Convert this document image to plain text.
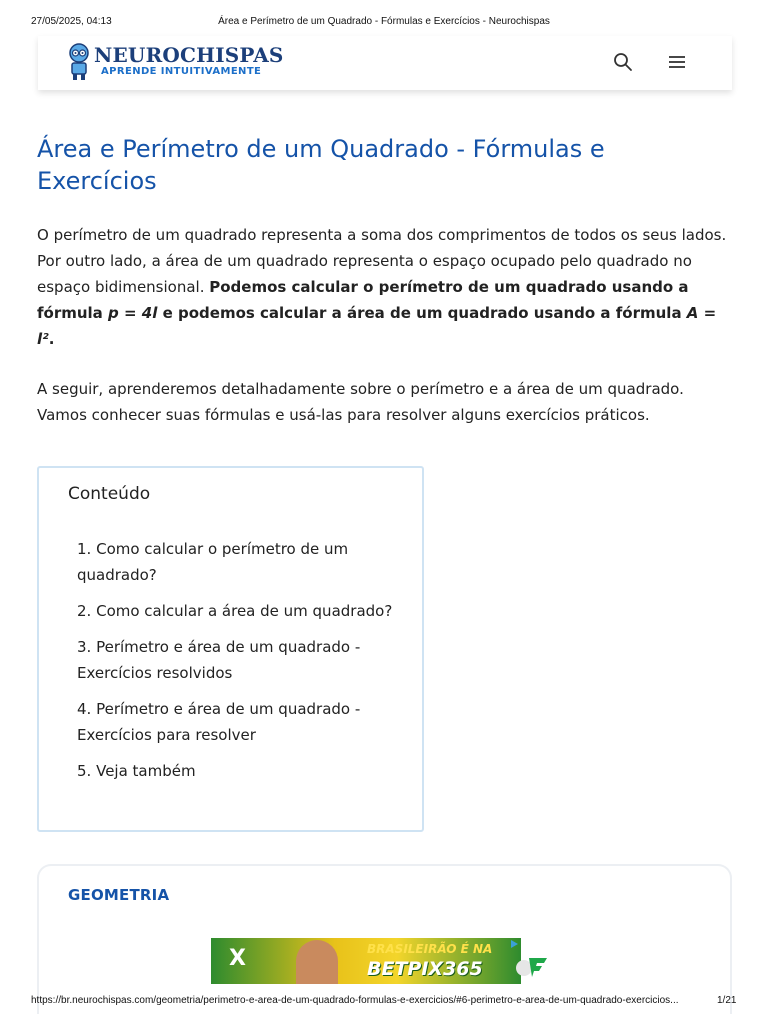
27/05/2025, 04:13	Área e Perímetro de um Quadrado - Fórmulas e Exercícios - Neurochispas
NEUROCHISPAS
APRENDE INTUITIVAMENTE
Área e Perímetro de um Quadrado - Fórmulas e Exercícios

O perímetro de um quadrado representa a soma dos comprimentos de todos os seus lados. Por outro lado, a área de um quadrado representa o espaço ocupado pelo quadrado no espaço bidimensional. Podemos calcular o perímetro de um quadrado usando a fórmula p = 4l e podemos calcular a área de um quadrado usando a fórmula A = l².

A seguir, aprenderemos detalhadamente sobre o perímetro e a área de um quadrado. Vamos conhecer suas fórmulas e usá-las para resolver alguns exercícios práticos.

Conteúdo
1. Como calcular o perímetro de um quadrado?
2. Como calcular a área de um quadrado?
3. Perímetro e área de um quadrado - Exercícios resolvidos
4. Perímetro e área de um quadrado - Exercícios para resolver
5. Veja também
GEOMETRIA
X	BRASILEIRÃO É NA
BETPIX365
https://br.neurochispas.com/geometria/perimetro-e-area-de-um-quadrado-formulas-e-exercicios/#6-perimetro-e-area-de-um-quadrado-exercicios...	1/21
